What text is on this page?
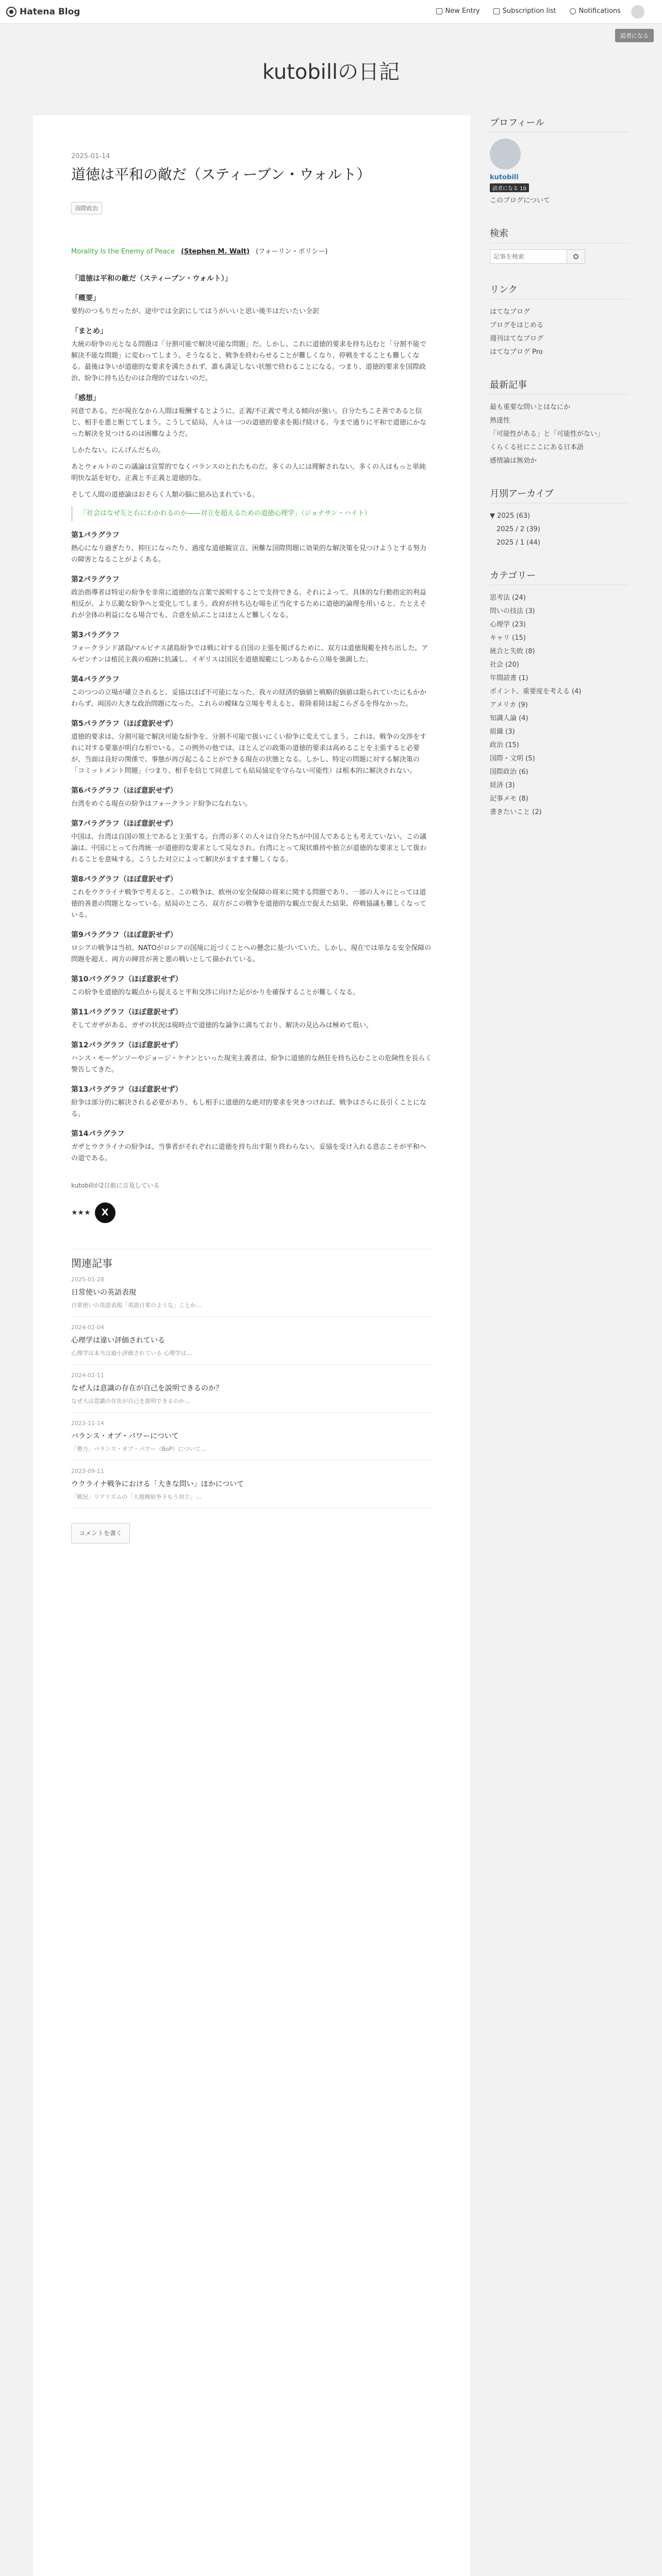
Hatena Blog	New Entry	Subscription list	Notifications
読者になる
kutobillの日記
2025-01-14
道徳は平和の敵だ（スティーブン・ウォルト）
国際政治
Morality Is the Enemy of Peace (Stephen M. Walt) (フォーリン・ポリシー)
「道徳は平和の敵だ（スティーブン・ウォルト）」
「概要」

要約のつもりだったが、途中では全訳にしてはうがいいと思い後半はだいたい全訳

「まとめ」

大統の紛争の元となる問題は「分割可能で解決可能な問題」だ。しかし、これに道徳的要求を持ち込むと「分割不能で解決不能な問題」に変わってしまう。そうなると、戦争を終わらせることが難しくなり、停戦をすることも難しくなる。最後は争いが道徳的な要求を満たされず、誰も満足しない状態で終わることになる。つまり、道徳的要求を国際政治、紛争に持ち込むのは合理的ではないのだ。

「感想」

同意である。だが現在なから人間は報酬するとように、正義/不正義で考える傾向が強い。自分たちこそ善であると信じ、相手を悪と断じてしまう。こうして結局、人々は一つの道徳的要求を掲げ続ける。今まで通りに平和で道徳にかなった解決を見つけるのは困難なようだ。

しかたない。にんげんだもの。

あとウォルトのこの議論は宣誓的でなくバランスのとれたものだ。多くの人には理解されない。多くの人はもっと単純明快な話を好む。正義と不正義と道徳的な。

そして人間の道徳論はおそらく人類の脳に組み込まれている。

「社会はなぜ左と右にわかれるのか——対立を超えるための道徳心理学」（ジョナサン・ハイト）

第1パラグラフ

熱心になり過ぎたり、抑圧になったり、過度な道徳観宣言、困難な国際問題に効果的な解決策を見つけようとする努力の障害となることがよくある。

第2パラグラフ

政治指導者は特定の紛争を非常に道徳的な言葉で説明することで支持できる。それによって、具体的な行動指定的利益相反が、より広範な紛争へと変化してしまう。政府が持ち込む場を正当化するために道徳的論理を用いると、たとえそれが全体の利益になる場合でも、合意を結ぶことはほとんど難しくなる。

第3パラグラフ

フォークランド諸島/マルビナス諸島紛争では戦に対する自国の主張を掲げるために、双方は道徳規範を持ち出した。アルゼンチンは植民主義の痕跡に抗議し、イギリスは国民を道徳規範にしつあるから立場を強調した。

第4パラグラフ

このつつの立場が確立されると、妥協はほぼ不可能になった。我々の経済的価値と戦略的価値は限られていたにもかかわらず、両国の大きな政治問題になった。これらの曖昧な立場を考えると、着陸着陸は起こらざるを得なかった。

第5パラグラフ（ほぼ意訳せず）

道徳的要求は、分割可能で解決可能な紛争を、分割不可能で扱いにくい紛争に変えてしまう。これは、戦争の交渉をすれに対する要塞が明白な形でいる。この例外の他では、ほとんどの政策の道徳的要求は高めることを主張すると必要が、当面は良好の関係で、事態が再び起こることができる現在の状態となる。しかし、特定の問題に対する解決策の「コミットメント問題」（つまり、相手を信じて同意しても結局協定を守らない可能性）は根本的に解決されない。

第6パラグラフ（ほぼ意訳せず）

台湾をめぐる現在の紛争はフォークランド紛争になれない。

第7パラグラフ（ほぼ意訳せず）

中国は、台湾は自国の領土であると主張する。台湾の多くの人々は自分たちが中国人であるとも考えていない。この議論は、中国にとって台湾統一が道徳的な要求として見なされ、台湾にとって現状維持や独立が道徳的な要求として扱われることを意味する。こうした対立によって解決がますます難しくなる。

第8パラグラフ（ほぼ意訳せず）

これをウクライナ戦争で考えると、この戦争は、欧州の安全保障の将来に関する問題であり、一部の人々にとっては道徳的善悪の問題となっている。結局のところ、双方がこの戦争を道徳的な観点で捉えた結果、停戦協議も難しくなっている。

第9パラグラフ（ほぼ意訳せず）

ロシアの戦争は当初、NATOがロシアの国境に近づくことへの懸念に基づいていた。しかし、現在では単なる安全保障の問題を超え、両方の陣営が善と悪の戦いとして描かれている。

第10パラグラフ（ほぼ意訳せず）

この紛争を道徳的な観点から捉えると平和交渉に向けた足がかりを確保することが難しくなる。

第11パラグラフ（ほぼ意訳せず）

そしてガザがある。ガザの状況は現時点で道徳的な論争に満ちており、解決の見込みは極めて低い。

第12パラグラフ（ほぼ意訳せず）

ハンス・モーゲンソーやジョージ・ケナンといった現実主義者は、紛争に道徳的な熱狂を持ち込むことの危険性を長らく警告してきた。

第13パラグラフ（ほぼ意訳せず）

紛争は部分的に解決される必要があり、もし相手に道徳的な絶対的要求を突きつければ、戦争はさらに長引くことになる。

第14パラグラフ

ガザとウクライナの紛争は、当事者がそれぞれに道徳を持ち出す限り終わらない。妥協を受け入れる意志こそが平和への道である。

kutobillが2日前に言及している
★★★	X
関連記事
2025-01-28
日常使いの英語表現
日常使いの英語表現「英語日常のような」ことか…
2024-02-04
心理学は違い評価されている
心理学は本当は過小評価されている 心理学は…
2024-02-11
なぜ人は意識の存在が自己を説明できるのか？
なぜ人は意識の存在が自己を説明できるのか…
2023-11-14
バランス・オブ・パワーについて
「勢力」バランス・オブ・パワー（BoP）について…
2023-09-11
ウクライナ戦争における「大きな問い」ほかについて
「戦況」リアリズムの「大規模紛争下もう対立」…
コメントを書く
プロフィール
kutobill
読者になる 10
このブログについて
検索
記事を検索
リンク
はてなブログ
ブログをはじめる
週刊はてなブログ
はてなブログ Pro
最新記事
最も重要な問いとはなにか
熟達性
「可能性がある」と「可能性がない」
くらくる社にここにある日本語
感情論は無効か
月別アーカイブ
▼ 2025 (63)
　2025 / 2 (39)
　2025 / 1 (44)
カテゴリー
思考法 (24)
問いの技法 (3)
心理学 (23)
キャリ (15)
統合と失敗 (8)
社会 (20)
年間読書 (1)
ポイント、重要度を考える (4)
アメリカ (9)
知識人論 (4)
組織 (3)
政治 (15)
国際・文明 (5)
国際政治 (6)
経済 (3)
記事メモ (8)
書きたいこと (2)
